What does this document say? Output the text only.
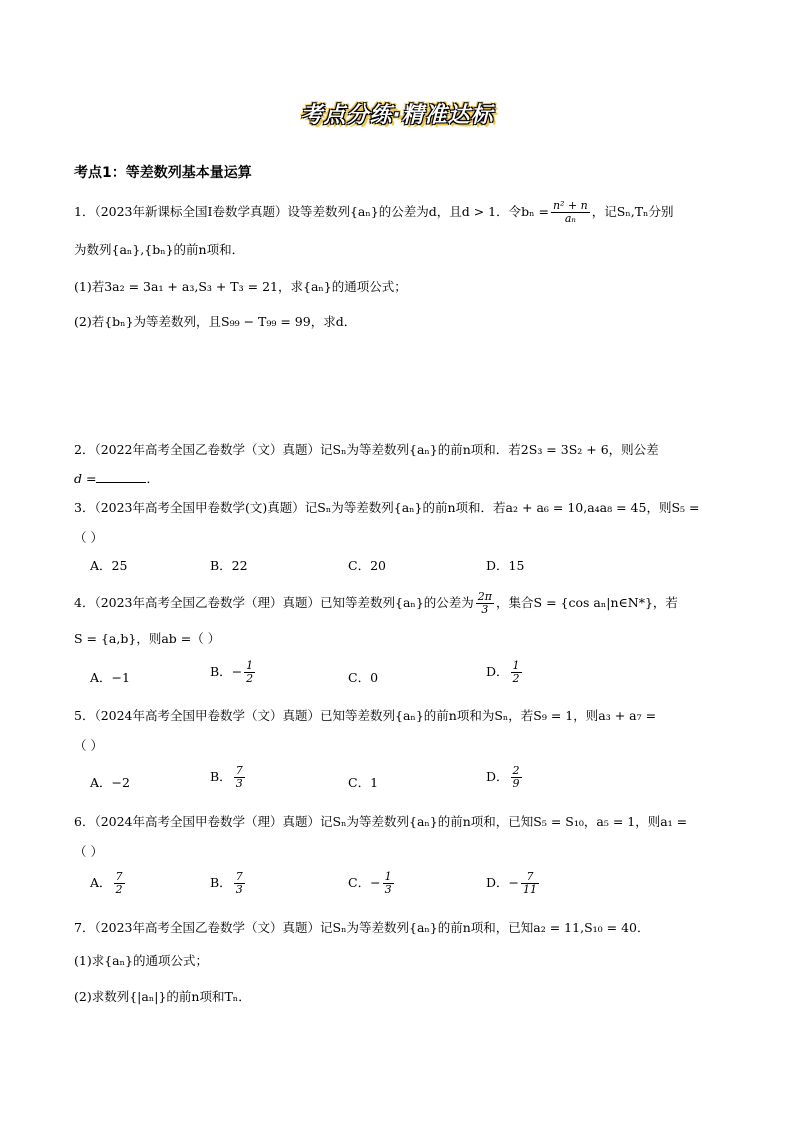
考点分练·精准达标
考点1：等差数列基本量运算
1．（2023年新课标全国Ⅰ卷数学真题）设等差数列{aₙ}的公差为d，且d > 1．令$b_n = \frac{\text{n² + n}}{\text{aₙ}}$ ，记Sₙ,Tₙ分别
为数列{aₙ},{bₙ}的前n项和．
(1)若3a₂ = 3a₁ + a₃,S₃ + T₃ = 21，求{aₙ}的通项公式；
(2)若{bₙ}为等差数列，且S₉₉ − T₉₉ = 99，求d．
2．（2022年高考全国乙卷数学（文）真题）记Sₙ为等差数列{aₙ}的前n项和．若2S₃ = 3S₂ + 6，则公差
d =	．
3．（2023年高考全国甲卷数学(文)真题）记Sₙ为等差数列{aₙ}的前n项和．若a₂ + a₆ = 10,a₄a₈ = 45，则S₅ =
（ ）
A．25	B．22	C．20	D．15
4．（2023年高考全国乙卷数学（理）真题）已知等差数列{aₙ}的公差为 $\frac{2\pi}{3}$ ，集合S = {cos aₙ|n∈N*}，若
S = {a,b}，则ab =（ ）
A．−1	B．− $\frac{1}{2}$	C．0	D． $\frac{1}{2}$
5．（2024年高考全国甲卷数学（文）真题）已知等差数列{aₙ}的前n项和为Sₙ，若S₉ = 1，则a₃ + a₇ =
（ ）
A．−2	B． $\frac{7}{3}$	C．1	D． $\frac{2}{9}$
6．（2024年高考全国甲卷数学（理）真题）记Sₙ为等差数列{aₙ}的前n项和，已知S₅ = S₁₀，a₅ = 1，则a₁ =
（ ）
A． $\frac{7}{2}$	B． $\frac{7}{3}$	C．− $\frac{1}{3}$	D．− $\frac{7}{11}$
7．（2023年高考全国乙卷数学（文）真题）记Sₙ为等差数列{aₙ}的前n项和，已知a₂ = 11,S₁₀ = 40．
(1)求{aₙ}的通项公式；
(2)求数列{|aₙ|}的前n项和Tₙ．
